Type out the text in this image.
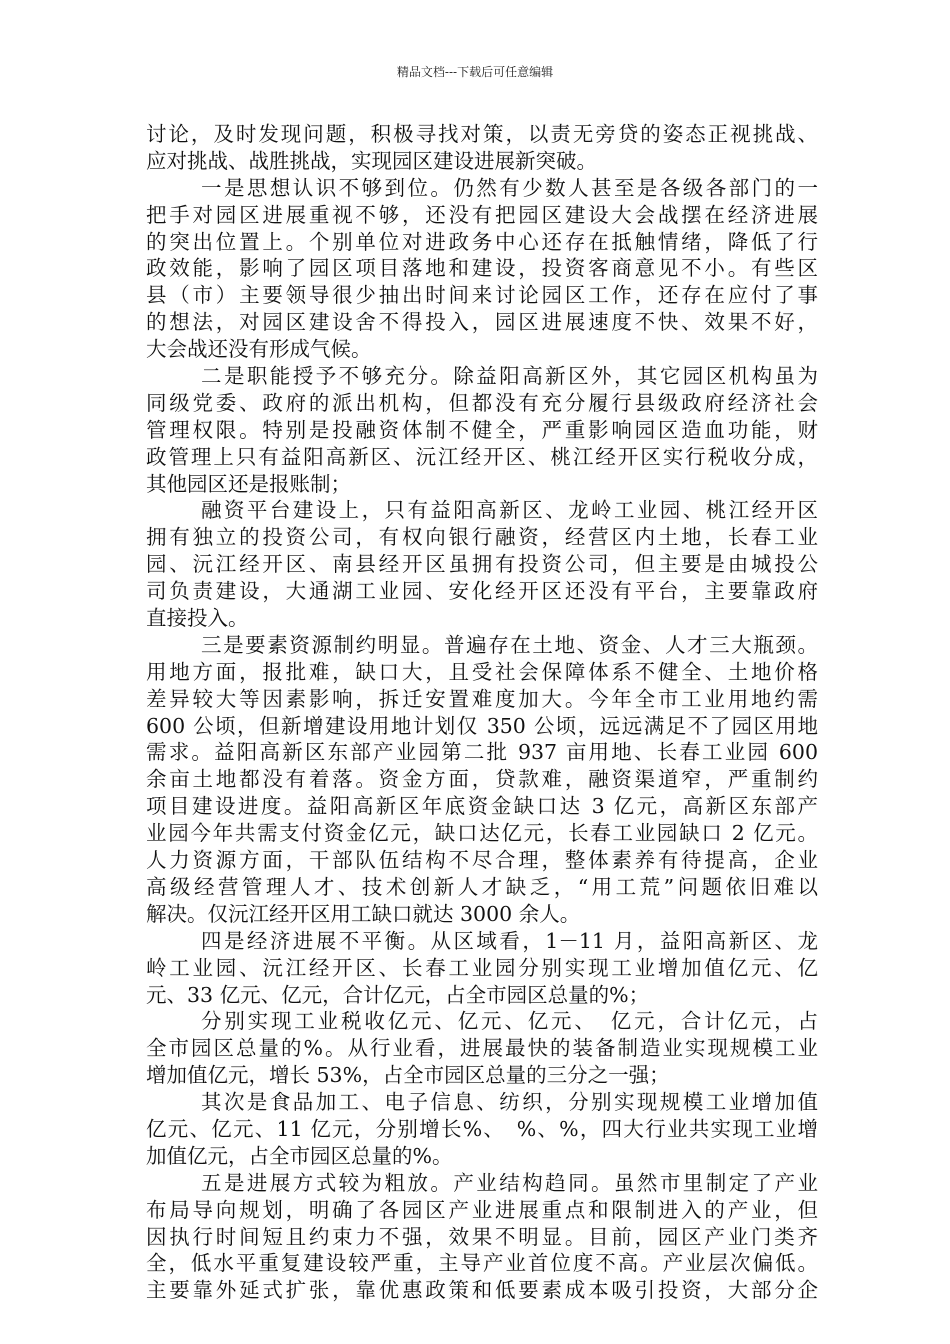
精品文档---下载后可任意编辑
讨论，及时发现问题，积极寻找对策，以责无旁贷的姿态正视挑战、
应对挑战、战胜挑战，实现园区建设进展新突破。
一是思想认识不够到位。仍然有少数人甚至是各级各部门的一
把手对园区进展重视不够，还没有把园区建设大会战摆在经济进展
的突出位置上。个别单位对进政务中心还存在抵触情绪，降低了行
政效能，影响了园区项目落地和建设，投资客商意见不小。有些区
县（市）主要领导很少抽出时间来讨论园区工作，还存在应付了事
的想法，对园区建设舍不得投入，园区进展速度不快、效果不好，
大会战还没有形成气候。
二是职能授予不够充分。除益阳高新区外，其它园区机构虽为
同级党委、政府的派出机构，但都没有充分履行县级政府经济社会
管理权限。特别是投融资体制不健全，严重影响园区造血功能，财
政管理上只有益阳高新区、沅江经开区、桃江经开区实行税收分成，
其他园区还是报账制；
融资平台建设上，只有益阳高新区、龙岭工业园、桃江经开区
拥有独立的投资公司，有权向银行融资，经营区内土地，长春工业
园、沅江经开区、南县经开区虽拥有投资公司，但主要是由城投公
司负责建设，大通湖工业园、安化经开区还没有平台，主要靠政府
直接投入。
三是要素资源制约明显。普遍存在土地、资金、人才三大瓶颈。
用地方面，报批难，缺口大，且受社会保障体系不健全、土地价格
差异较大等因素影响，拆迁安置难度加大。今年全市工业用地约需
600 公顷，但新增建设用地计划仅 350 公顷，远远满足不了园区用地
需求。益阳高新区东部产业园第二批 937 亩用地、长春工业园 600
余亩土地都没有着落。资金方面，贷款难，融资渠道窄，严重制约
项目建设进度。益阳高新区年底资金缺口达 3 亿元，高新区东部产
业园今年共需支付资金亿元，缺口达亿元，长春工业园缺口 2 亿元。
人力资源方面，干部队伍结构不尽合理，整体素养有待提高，企业
高级经营管理人才、技术创新人才缺乏，“用工荒”问题依旧难以
解决。仅沅江经开区用工缺口就达 3000 余人。
四是经济进展不平衡。从区域看，1－11 月，益阳高新区、龙
岭工业园、沅江经开区、长春工业园分别实现工业增加值亿元、亿
元、33 亿元、亿元，合计亿元，占全市园区总量的%；
分别实现工业税收亿元、亿元、亿元、　亿元，合计亿元，占
全市园区总量的%。从行业看，进展最快的装备制造业实现规模工业
增加值亿元，增长 53%，占全市园区总量的三分之一强；
其次是食品加工、电子信息、纺织，分别实现规模工业增加值
亿元、亿元、11 亿元，分别增长%、　%、%，四大行业共实现工业增
加值亿元，占全市园区总量的%。
五是进展方式较为粗放。产业结构趋同。虽然市里制定了产业
布局导向规划，明确了各园区产业进展重点和限制进入的产业，但
因执行时间短且约束力不强，效果不明显。目前，园区产业门类齐
全，低水平重复建设较严重，主导产业首位度不高。产业层次偏低。
主要靠外延式扩张，靠优惠政策和低要素成本吸引投资，大部分企
